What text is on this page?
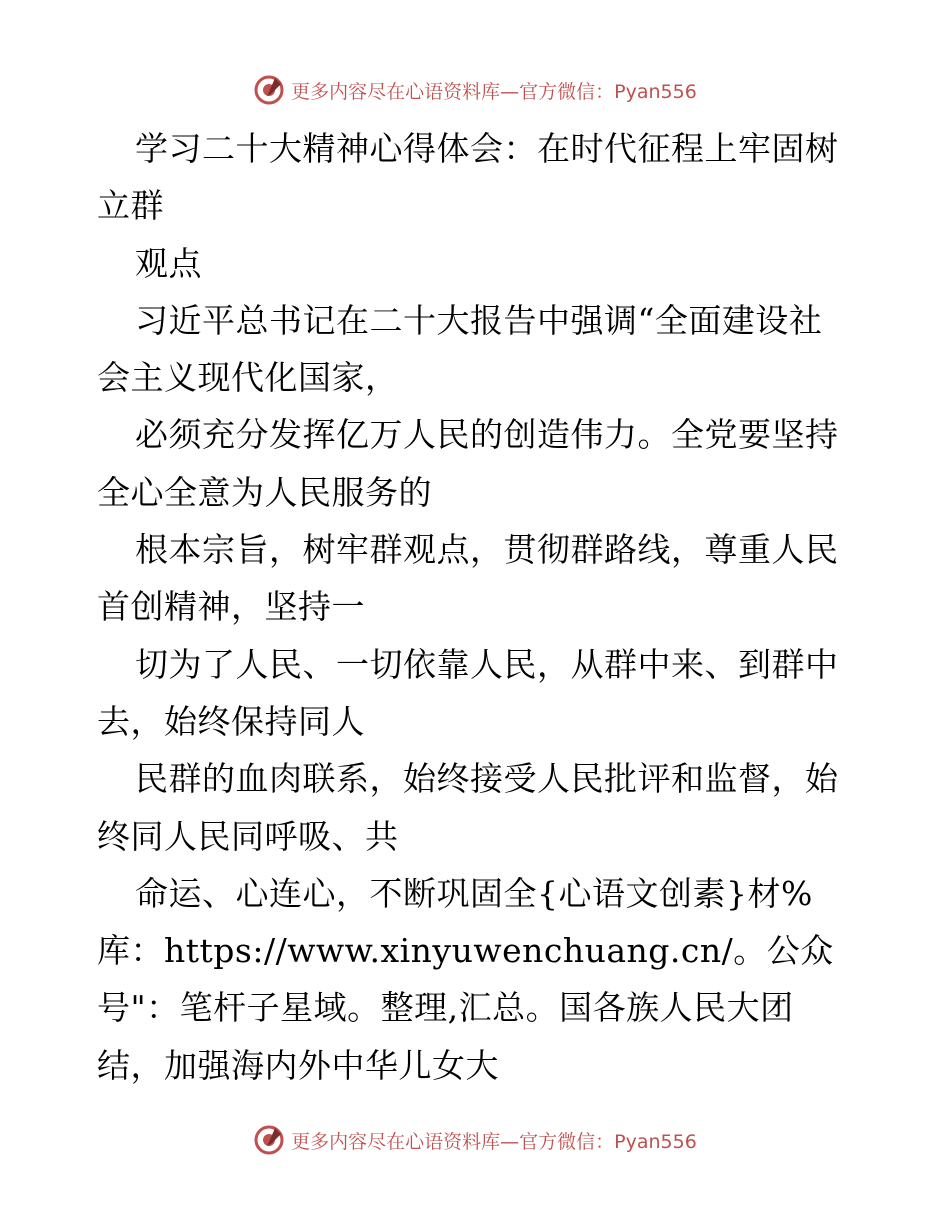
更多内容尽在心语资料库—官方微信：Pyan556
学习二十大精神心得体会：在时代征程上牢固树
立群
观点
习近平总书记在二十大报告中强调“全面建设社
会主义现代化国家，
必须充分发挥亿万人民的创造伟力。全党要坚持
全心全意为人民服务的
根本宗旨，树牢群观点，贯彻群路线，尊重人民
首创精神，坚持一
切为了人民、一切依靠人民，从群中来、到群中
去，始终保持同人
民群的血肉联系，始终接受人民批评和监督，始
终同人民同呼吸、共
命运、心连心，不断巩固全{心语文创素}材%
库：https://www.xinyuwenchuang.cn/。公众
号"：笔杆子星域。整理,汇总。国各族人民大团
结，加强海内外中华儿女大
更多内容尽在心语资料库—官方微信：Pyan556
